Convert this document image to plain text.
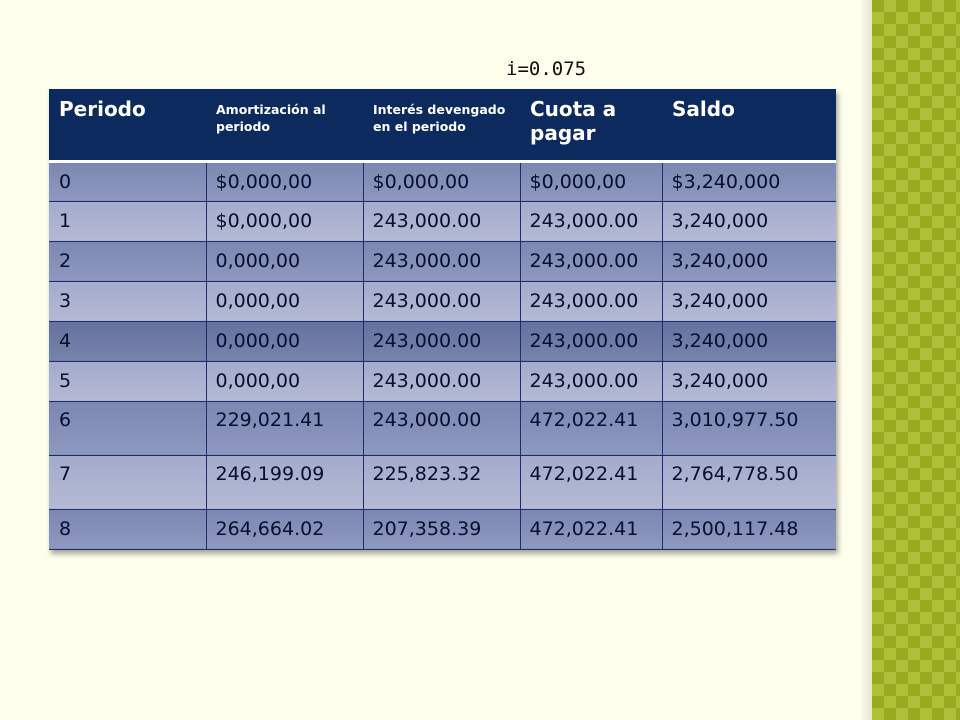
i=0.075
Periodo	Amortización al periodo	Interés devengado en el periodo	Cuota a pagar	Saldo
0	$0,000,00	$0,000,00	$0,000,00	$3,240,000
1	$0,000,00	243,000.00	243,000.00	3,240,000
2	0,000,00	243,000.00	243,000.00	3,240,000
3	0,000,00	243,000.00	243,000.00	3,240,000
4	0,000,00	243,000.00	243,000.00	3,240,000
5	0,000,00	243,000.00	243,000.00	3,240,000
6	229,021.41	243,000.00	472,022.41	3,010,977.50
7	246,199.09	225,823.32	472,022.41	2,764,778.50
8	264,664.02	207,358.39	472,022.41	2,500,117.48
